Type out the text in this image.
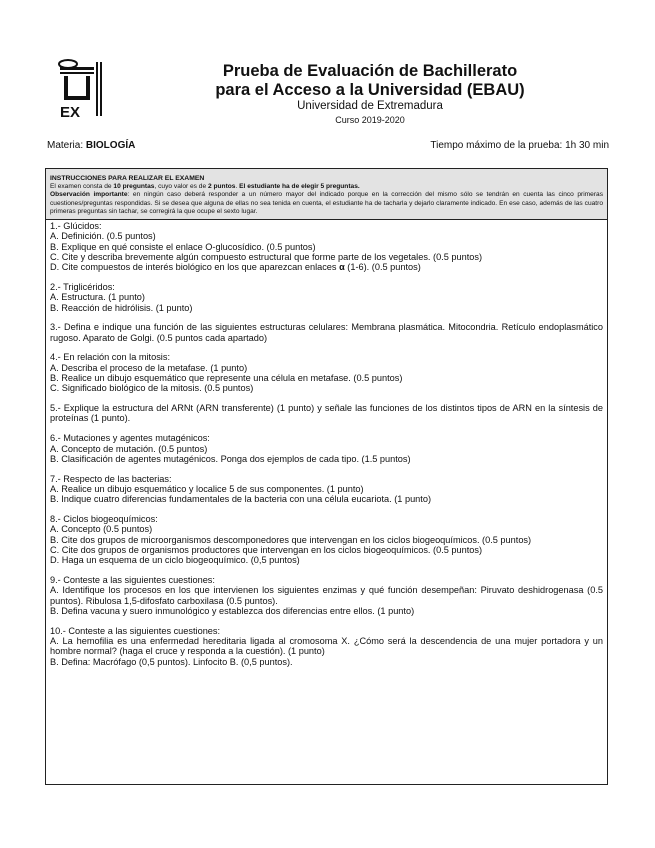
EX
Prueba de Evaluación de Bachillerato
para el Acceso a la Universidad (EBAU)
Universidad de Extremadura
Curso 2019-2020
Materia: BIOLOGÍA	Tiempo máximo de la prueba: 1h 30 min
INSTRUCCIONES PARA REALIZAR EL EXAMEN
El examen consta de 10 preguntas, cuyo valor es de 2 puntos. El estudiante ha de elegir 5 preguntas.
Observación importante: en ningún caso deberá responder a un número mayor del indicado porque en la corrección del mismo sólo se tendrán en cuenta las cinco primeras cuestiones/preguntas respondidas. Si se desea que alguna de ellas no sea tenida en cuenta, el estudiante ha de tacharla y dejarlo claramente indicado. En ese caso, además de las cuatro primeras preguntas sin tachar, se corregirá la que ocupe el sexto lugar.
1.- Glúcidos:
A. Definición. (0.5 puntos)
B. Explique en qué consiste el enlace O-glucosídico. (0.5 puntos)
C. Cite y describa brevemente algún compuesto estructural que forme parte de los vegetales. (0.5 puntos)
D. Cite compuestos de interés biológico en los que aparezcan enlaces α (1-6). (0.5 puntos)
2.- Triglicéridos:
A. Estructura. (1 punto)
B. Reacción de hidrólisis. (1 punto)
3.- Defina e indique una función de las siguientes estructuras celulares: Membrana plasmática. Mitocondria. Retículo endoplasmático rugoso. Aparato de Golgi. (0.5 puntos cada apartado)
4.- En relación con la mitosis:
A. Describa el proceso de la metafase. (1 punto)
B. Realice un dibujo esquemático que represente una célula en metafase. (0.5 puntos)
C. Significado biológico de la mitosis. (0.5 puntos)
5.- Explique la estructura del ARNt (ARN transferente) (1 punto) y señale las funciones de los distintos tipos de ARN en la síntesis de proteínas (1 punto).
6.- Mutaciones y agentes mutagénicos:
A. Concepto de mutación. (0.5 puntos)
B. Clasificación de agentes mutagénicos. Ponga dos ejemplos de cada tipo. (1.5 puntos)
7.- Respecto de las bacterias:
A. Realice un dibujo esquemático y localice 5 de sus componentes. (1 punto)
B. Indique cuatro diferencias fundamentales de la bacteria con una célula eucariota. (1 punto)
8.- Ciclos biogeoquímicos:
A. Concepto (0.5 puntos)
B. Cite dos grupos de microorganismos descomponedores que intervengan en los ciclos biogeoquímicos. (0.5 puntos)
C. Cite dos grupos de organismos productores que intervengan en los ciclos biogeoquímicos. (0.5 puntos)
D. Haga un esquema de un ciclo biogeoquímico. (0,5 puntos)
9.- Conteste a las siguientes cuestiones:
A. Identifique los procesos en los que intervienen los siguientes enzimas y qué función desempeñan: Piruvato deshidrogenasa (0.5 puntos). Ribulosa 1,5-difosfato carboxilasa (0.5 puntos).
B. Defina vacuna y suero inmunológico y establezca dos diferencias entre ellos. (1 punto)
10.- Conteste a las siguientes cuestiones:
A. La hemofilia es una enfermedad hereditaria ligada al cromosoma X. ¿Cómo será la descendencia de una mujer portadora y un hombre normal? (haga el cruce y responda a la cuestión). (1 punto)
B. Defina: Macrófago (0,5 puntos). Linfocito B. (0,5 puntos).
